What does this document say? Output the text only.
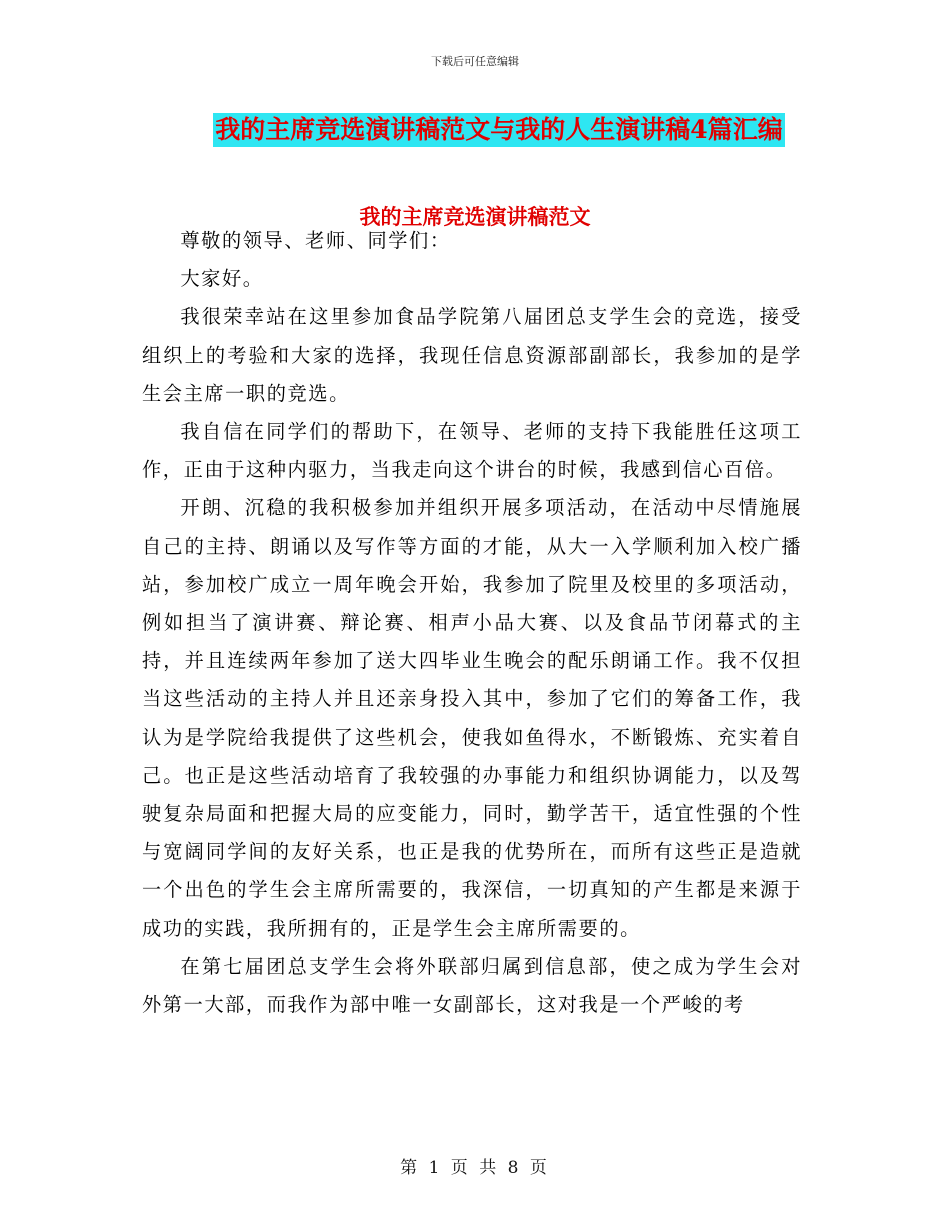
下载后可任意编辑
我的主席竞选演讲稿范文与我的人生演讲稿4篇汇编
我的主席竞选演讲稿范文

尊敬的领导、老师、同学们：

大家好。

我很荣幸站在这里参加食品学院第八届团总支学生会的竞选，接受组织上的考验和大家的选择，我现任信息资源部副部长，我参加的是学生会主席一职的竞选。

我自信在同学们的帮助下，在领导、老师的支持下我能胜任这项工作，正由于这种内驱力，当我走向这个讲台的时候，我感到信心百倍。

开朗、沉稳的我积极参加并组织开展多项活动，在活动中尽情施展自己的主持、朗诵以及写作等方面的才能，从大一入学顺利加入校广播站，参加校广成立一周年晚会开始，我参加了院里及校里的多项活动，例如担当了演讲赛、辩论赛、相声小品大赛、以及食品节闭幕式的主持，并且连续两年参加了送大四毕业生晚会的配乐朗诵工作。我不仅担当这些活动的主持人并且还亲身投入其中，参加了它们的筹备工作，我认为是学院给我提供了这些机会，使我如鱼得水，不断锻炼、充实着自己。也正是这些活动培育了我较强的办事能力和组织协调能力，以及驾驶复杂局面和把握大局的应变能力，同时，勤学苦干，适宜性强的个性与宽阔同学间的友好关系，也正是我的优势所在，而所有这些正是造就一个出色的学生会主席所需要的，我深信，一切真知的产生都是来源于成功的实践，我所拥有的，正是学生会主席所需要的。

在第七届团总支学生会将外联部归属到信息部，使之成为学生会对外第一大部，而我作为部中唯一女副部长，这对我是一个严峻的考

第 1 页 共 8 页
